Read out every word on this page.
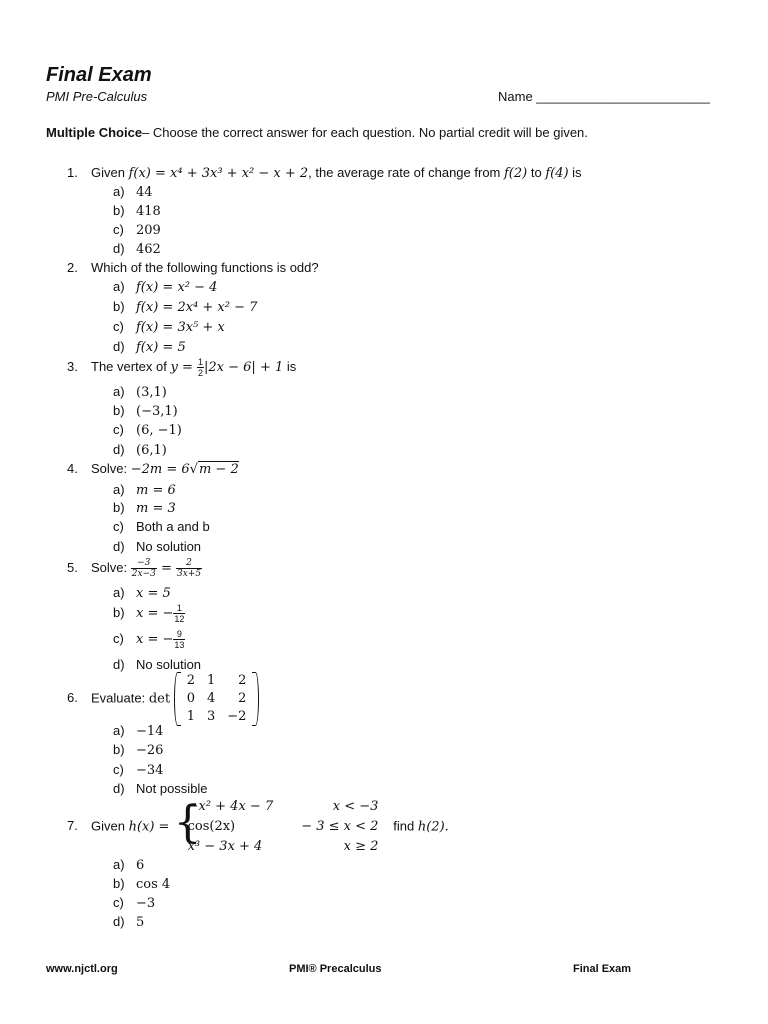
Final Exam
PMI Pre-Calculus	Name ________________________
Multiple Choice– Choose the correct answer for each question. No partial credit will be given.
1. Given f(x) = x⁴ + 3x³ + x² − x + 2, the average rate of change from f(2) to f(4) is
a) 44
b) 418
c) 209
d) 462
2. Which of the following functions is odd?
a) f(x) = x² − 4
b) f(x) = 2x⁴ + x² − 7
c) f(x) = 3x⁵ + x
d) f(x) = 5
3. The vertex of $y = \frac{1}{2} |2x - 6| + 1$ is
a) (3,1)
b) (−3,1)
c) (6, −1)
d) (6,1)
4. Solve: −2m = 6√m − 2
a) m = 6
b) m = 3
c) Both a and b
d) No solution
5. Solve: $\frac{-3}{2x-3} = \frac{2}{3x+5}$
a) x = 5
b) x = − $\frac{1}{12}$
c) x = − $\frac{9}{13}$
d) No solution
6. Evaluate: det
2	1	2
0	4	2
1	3	−2
a) −14
b) −26
c) −34
d) Not possible
7. Given h(x) = {
−x² + 4x − 7	x < −3
cos(2x)	− 3 ≤ x < 2
x³ − 3x + 4	x ≥ 2
find h(2).
a) 6
b) cos 4
c) −3
d) 5
www.njctl.org	PMI® Precalculus	Final Exam
